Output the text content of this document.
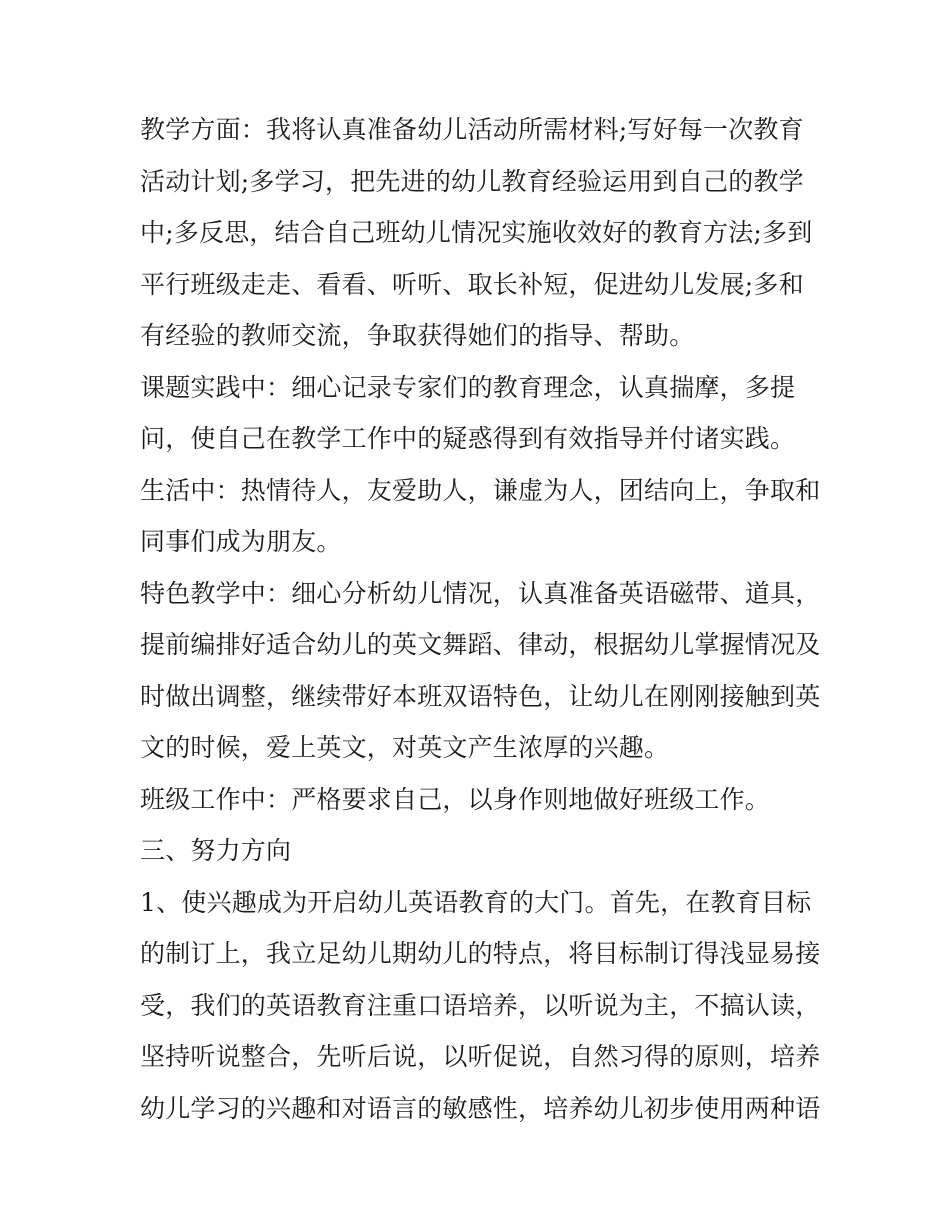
教学方面：我将认真准备幼儿活动所需材料;写好每一次教育
活动计划;多学习，把先进的幼儿教育经验运用到自己的教学
中;多反思，结合自己班幼儿情况实施收效好的教育方法;多到
平行班级走走、看看、听听、取长补短，促进幼儿发展;多和
有经验的教师交流，争取获得她们的指导、帮助。
课题实践中：细心记录专家们的教育理念，认真揣摩，多提
问，使自己在教学工作中的疑惑得到有效指导并付诸实践。
生活中：热情待人，友爱助人，谦虚为人，团结向上，争取和
同事们成为朋友。
特色教学中：细心分析幼儿情况，认真准备英语磁带、道具，
提前编排好适合幼儿的英文舞蹈、律动，根据幼儿掌握情况及
时做出调整，继续带好本班双语特色，让幼儿在刚刚接触到英
文的时候，爱上英文，对英文产生浓厚的兴趣。
班级工作中：严格要求自己，以身作则地做好班级工作。
三、努力方向
1、使兴趣成为开启幼儿英语教育的大门。首先，在教育目标
的制订上，我立足幼儿期幼儿的特点，将目标制订得浅显易接
受，我们的英语教育注重口语培养，以听说为主，不搞认读，
坚持听说整合，先听后说，以听促说，自然习得的原则，培养
幼儿学习的兴趣和对语言的敏感性，培养幼儿初步使用两种语
